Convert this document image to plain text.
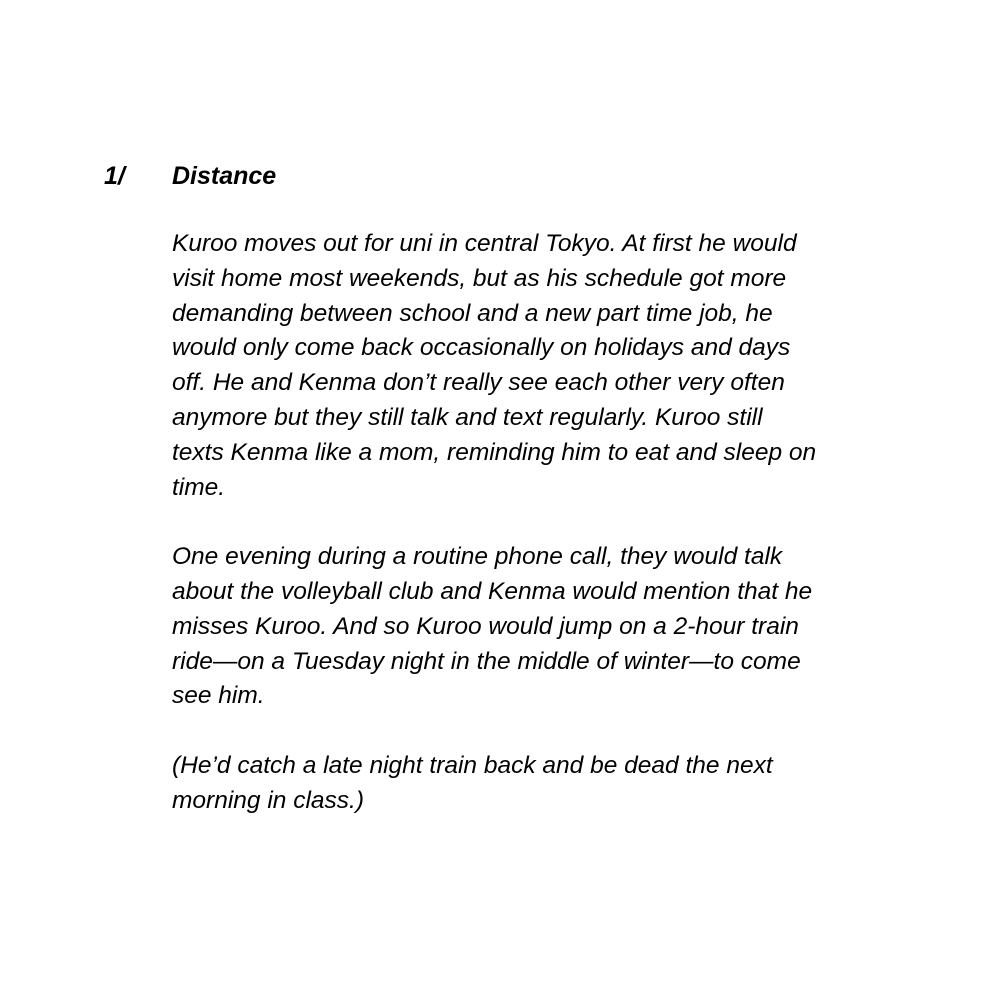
1/ Distance

Kuroo moves out for uni in central Tokyo. At first he would
visit home most weekends, but as his schedule got more
demanding between school and a new part time job, he
would only come back occasionally on holidays and days
off. He and Kenma don’t really see each other very often
anymore but they still talk and text regularly. Kuroo still
texts Kenma like a mom, reminding him to eat and sleep on
time.

One evening during a routine phone call, they would talk
about the volleyball club and Kenma would mention that he
misses Kuroo. And so Kuroo would jump on a 2-hour train
ride—on a Tuesday night in the middle of winter—to come
see him.

(He’d catch a late night train back and be dead the next
morning in class.)
